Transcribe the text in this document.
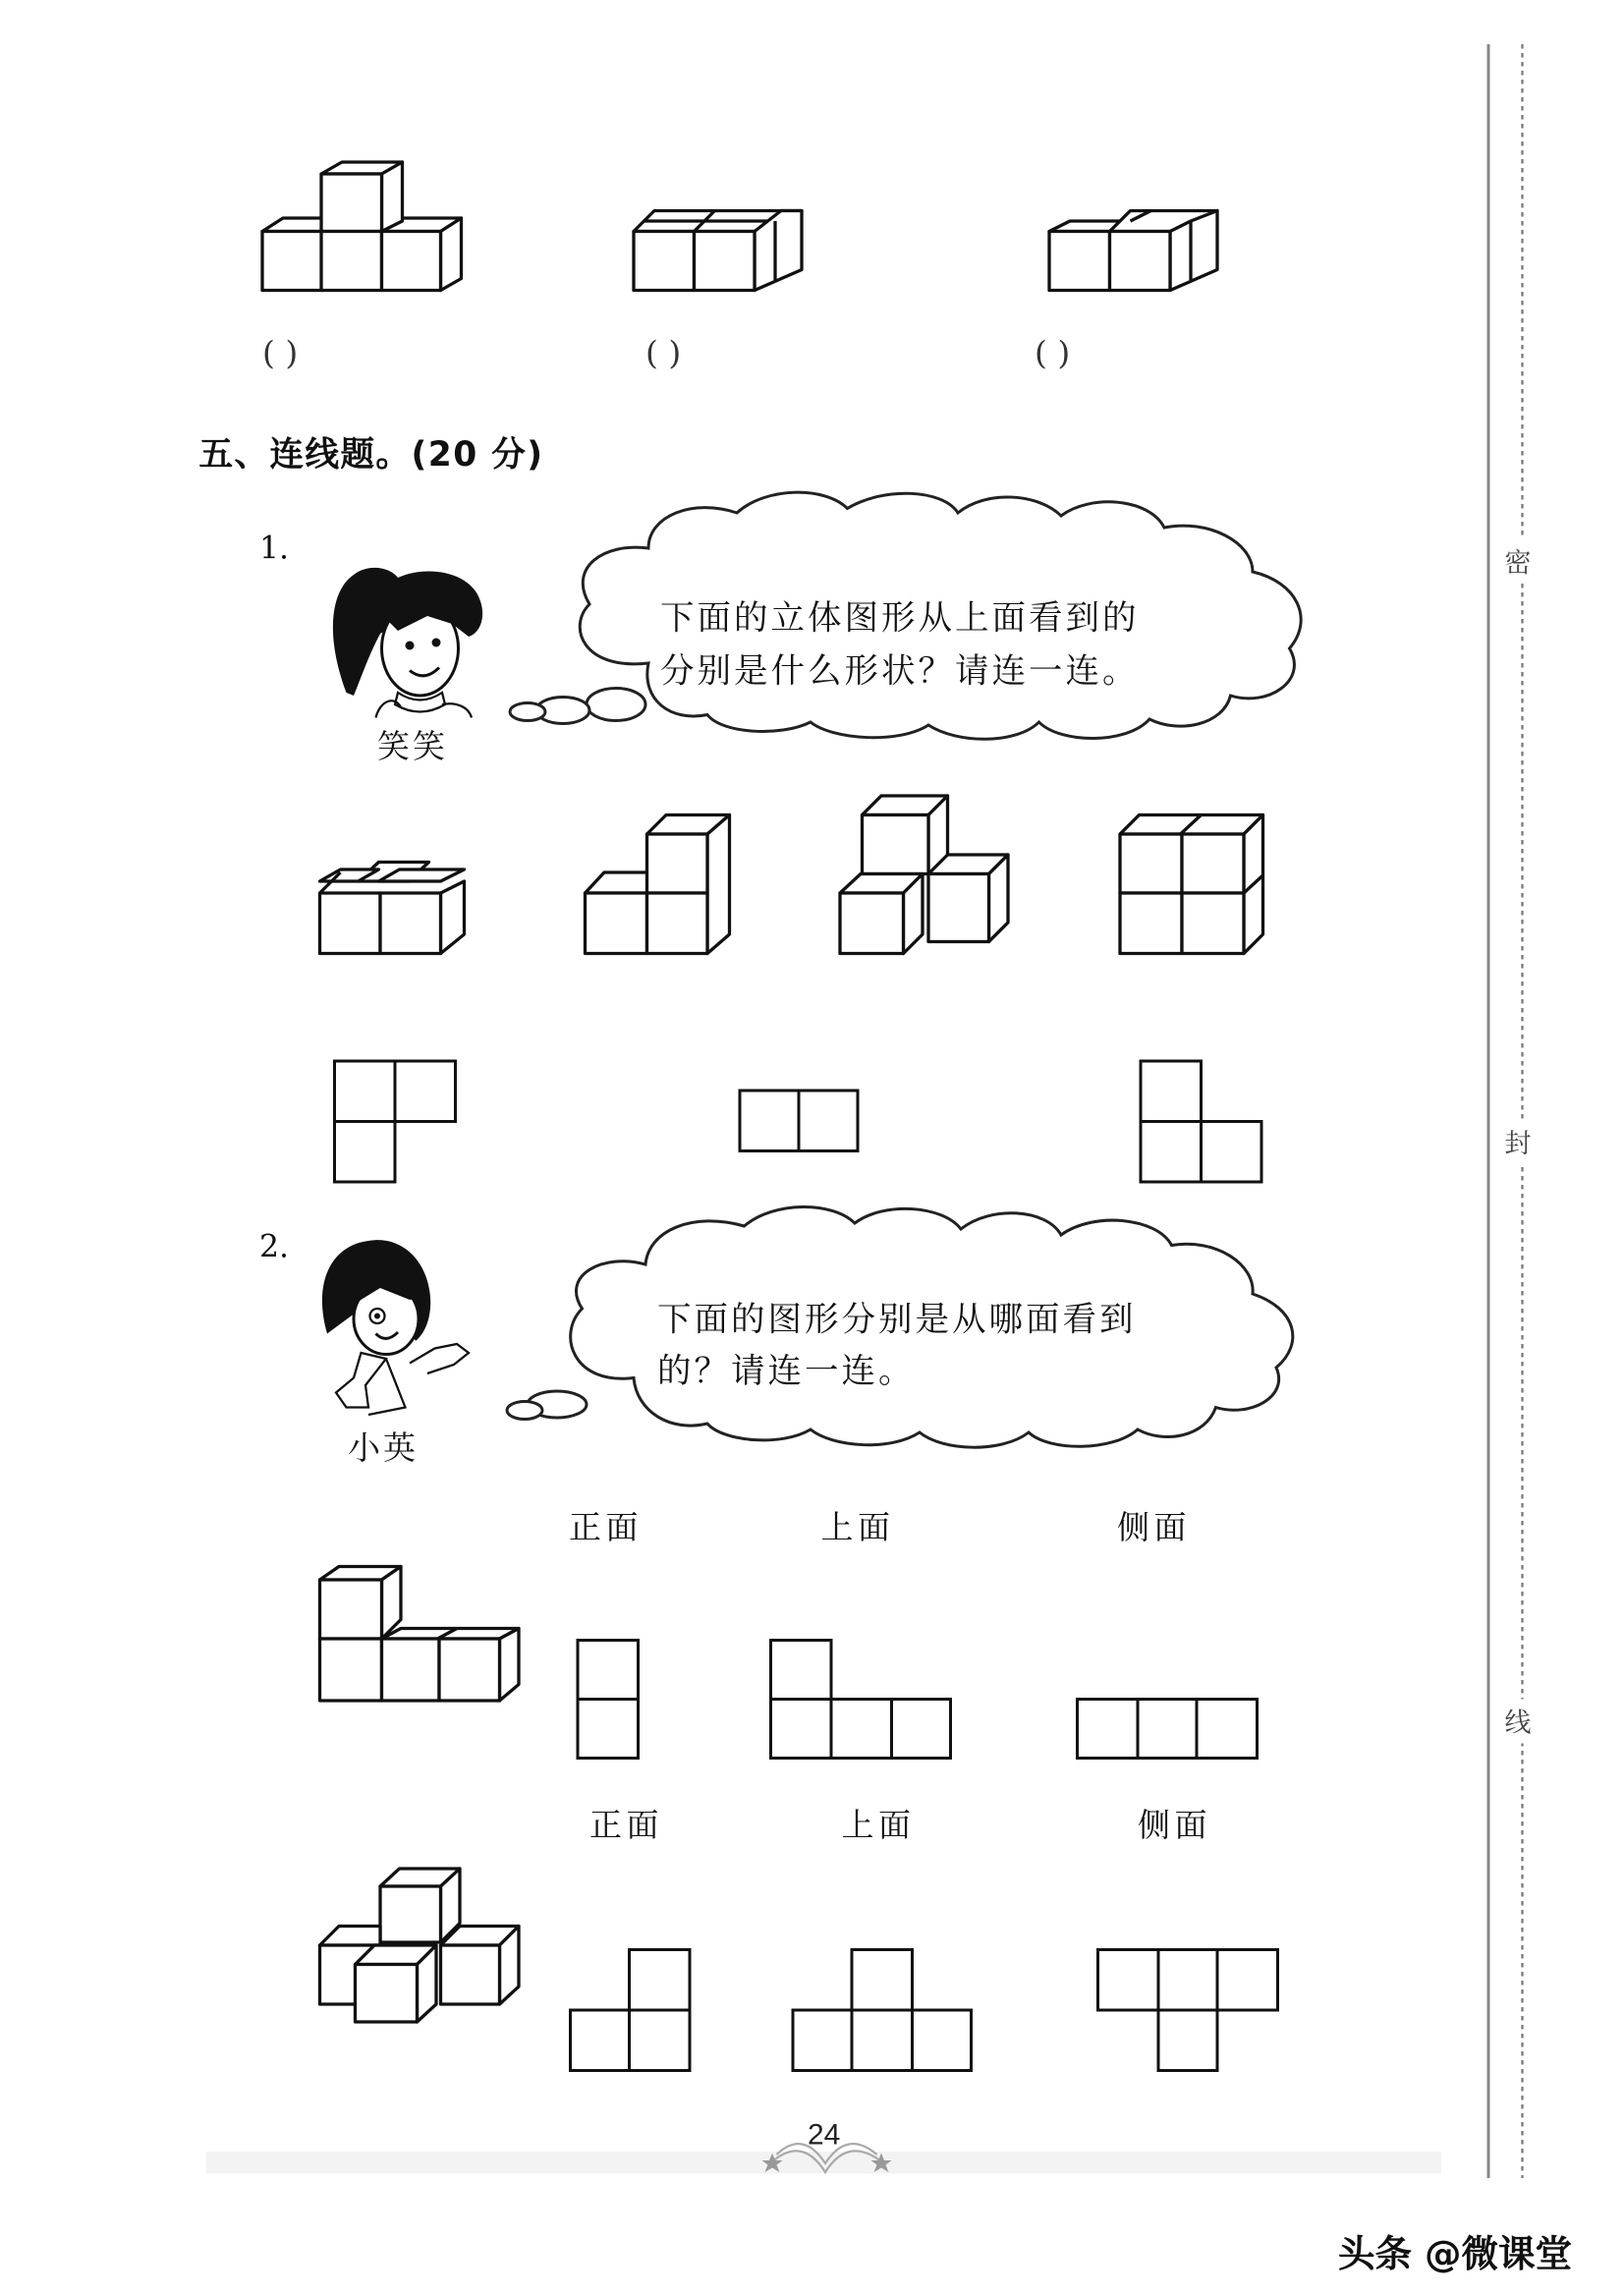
( )	( )	( )
五、连线题。(20 分)
1.
下面的立体图形从上面看到的
分别是什么形状？请连一连。
笑笑
2.
下面的图形分别是从哪面看到
的？请连一连。
小英
正面	上面	侧面
正面	上面	侧面
密
封
线
24
头条 @微课堂
